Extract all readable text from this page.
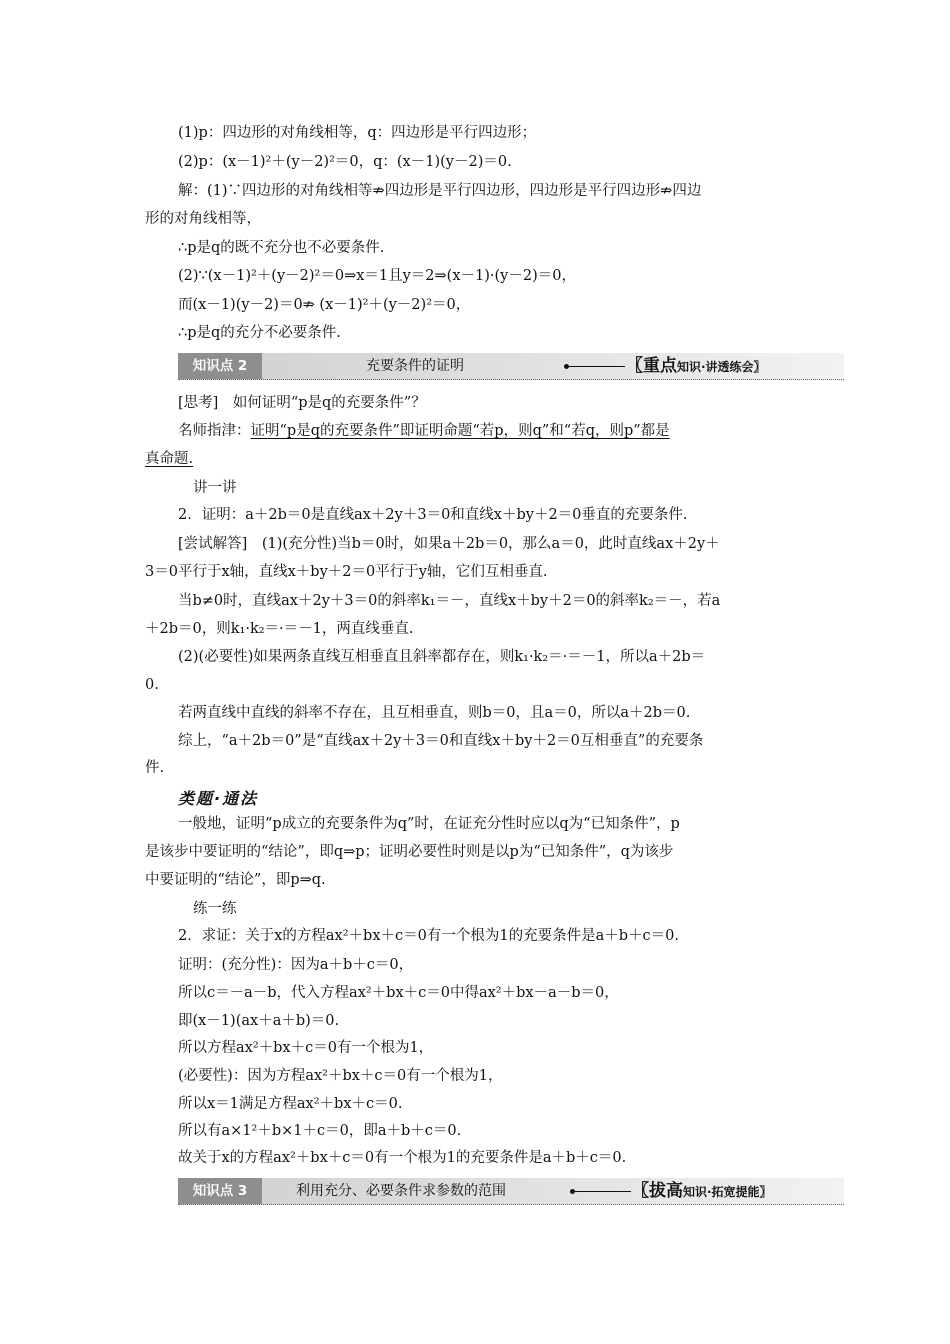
(1)p：四边形的对角线相等，q：四边形是平行四边形；
(2)p：(x－1)²＋(y－2)²＝0，q：(x－1)(y－2)＝0.
解：(1)∵四边形的对角线相等⇏四边形是平行四边形，四边形是平行四边形⇏四边
形的对角线相等，
∴p是q的既不充分也不必要条件.
(2)∵(x－1)²＋(y－2)²＝0⇒x＝1且y＝2⇒(x－1)·(y－2)＝0，
而(x－1)(y－2)＝0⇏ (x－1)²＋(y－2)²＝0，
∴p是q的充分不必要条件.
知识点 2	充要条件的证明	〖重点知识·讲透练会〗
[思考]　如何证明“p是q的充要条件”？
名师指津：证明“p是q的充要条件”即证明命题“若p，则q”和“若q，则p”都是
真命题.
讲一讲
2．证明：a＋2b＝0是直线ax＋2y＋3＝0和直线x＋by＋2＝0垂直的充要条件.
[尝试解答]　(1)(充分性)当b＝0时，如果a＋2b＝0，那么a＝0，此时直线ax＋2y＋
3＝0平行于x轴，直线x＋by＋2＝0平行于y轴，它们互相垂直.
当b≠0时，直线ax＋2y＋3＝0的斜率k₁＝－，直线x＋by＋2＝0的斜率k₂＝－，若a
＋2b＝0，则k₁·k₂＝·＝－1，两直线垂直.
(2)(必要性)如果两条直线互相垂直且斜率都存在，则k₁·k₂＝·＝－1，所以a＋2b＝
0.
若两直线中直线的斜率不存在，且互相垂直，则b＝0，且a＝0，所以a＋2b＝0.
综上，“a＋2b＝0”是“直线ax＋2y＋3＝0和直线x＋by＋2＝0互相垂直”的充要条
件.
类题·通法
一般地，证明“p成立的充要条件为q”时，在证充分性时应以q为“已知条件”，p
是该步中要证明的“结论”，即q⇒p；证明必要性时则是以p为“已知条件”，q为该步
中要证明的“结论”，即p⇒q.
练一练
2．求证：关于x的方程ax²＋bx＋c＝0有一个根为1的充要条件是a＋b＋c＝0.
证明：(充分性)：因为a＋b＋c＝0，
所以c＝－a－b，代入方程ax²＋bx＋c＝0中得ax²＋bx－a－b＝0，
即(x－1)(ax＋a＋b)＝0.
所以方程ax²＋bx＋c＝0有一个根为1，
(必要性)：因为方程ax²＋bx＋c＝0有一个根为1，
所以x＝1满足方程ax²＋bx＋c＝0.
所以有a×1²＋b×1＋c＝0，即a＋b＋c＝0.
故关于x的方程ax²＋bx＋c＝0有一个根为1的充要条件是a＋b＋c＝0.
知识点 3	利用充分、必要条件求参数的范围	〖拔高知识·拓宽提能〗
